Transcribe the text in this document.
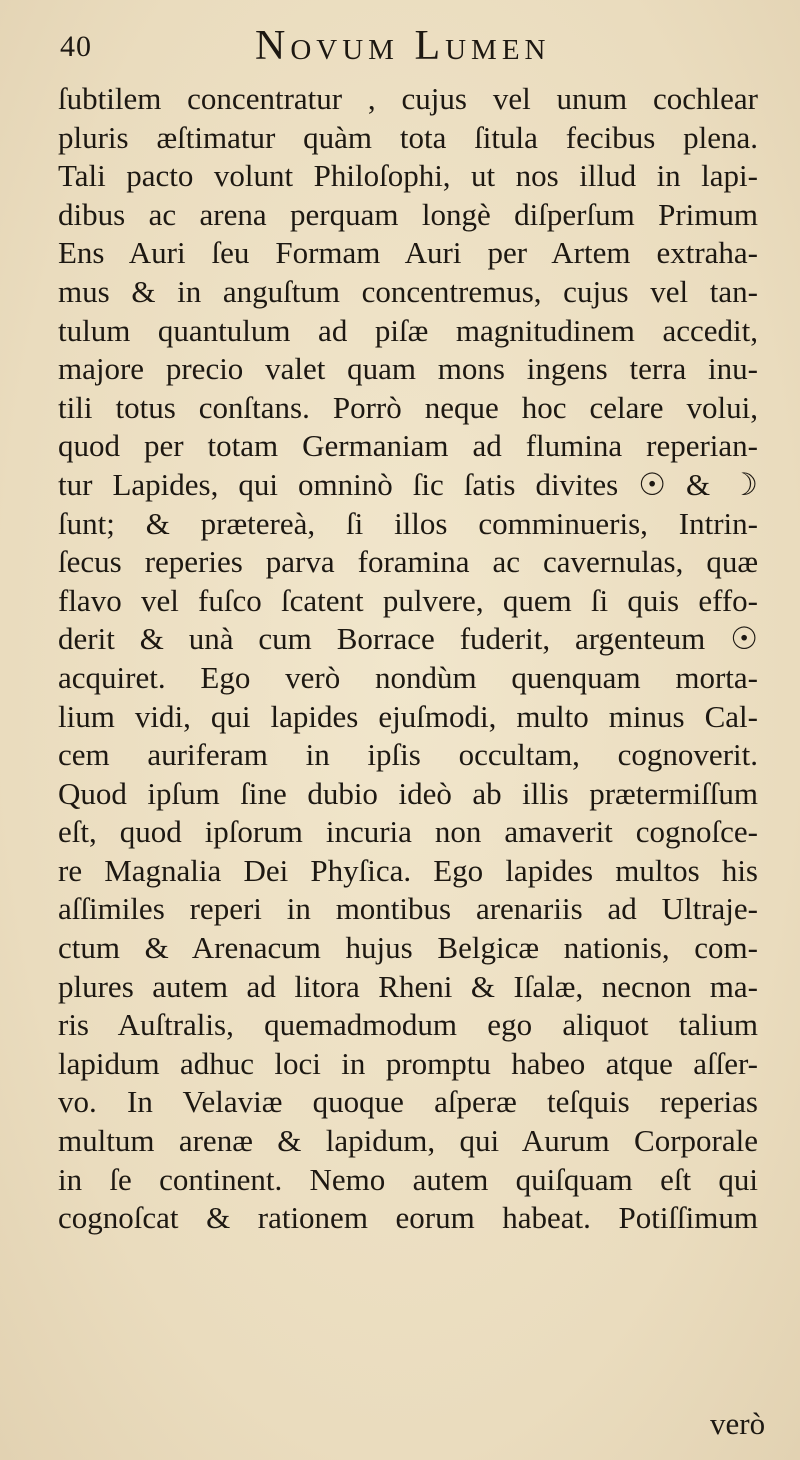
40	Novum Lumen
ſubtilem concentratur , cujus vel unum cochlear
pluris æſtimatur quàm tota ſitula fecibus plena.
Tali pacto volunt Philoſophi, ut nos illud in lapi-
dibus ac arena perquam longè diſperſum Primum
Ens Auri ſeu Formam Auri per Artem extraha-
mus & in anguſtum concentremus, cujus vel tan-
tulum quantulum ad piſæ magnitudinem accedit,
majore precio valet quam mons ingens terra inu-
tili totus conſtans. Porrò neque hoc celare volui,
quod per totam Germaniam ad flumina reperian-
tur Lapides, qui omninò ſic ſatis divites ☉ & ☽
ſunt; & prætereà, ſi illos comminueris, Intrin-
ſecus reperies parva foramina ac cavernulas, quæ
flavo vel fuſco ſcatent pulvere, quem ſi quis effo-
derit & unà cum Borrace fuderit, argenteum ☉
acquiret. Ego verò nondùm quenquam morta-
lium vidi, qui lapides ejuſmodi, multo minus Cal-
cem auriferam in ipſis occultam, cognoverit.
Quod ipſum ſine dubio ideò ab illis prætermiſſum
eſt, quod ipſorum incuria non amaverit cognoſce-
re Magnalia Dei Phyſica. Ego lapides multos his
aſſimiles reperi in montibus arenariis ad Ultraje-
ctum & Arenacum hujus Belgicæ nationis, com-
plures autem ad litora Rheni & Iſalæ, necnon ma-
ris Auſtralis, quemadmodum ego aliquot talium
lapidum adhuc loci in promptu habeo atque aſſer-
vo. In Velaviæ quoque aſperæ teſquis reperias
multum arenæ & lapidum, qui Aurum Corporale
in ſe continent. Nemo autem quiſquam eſt qui
cognoſcat & rationem eorum habeat. Potiſſimum
verò
